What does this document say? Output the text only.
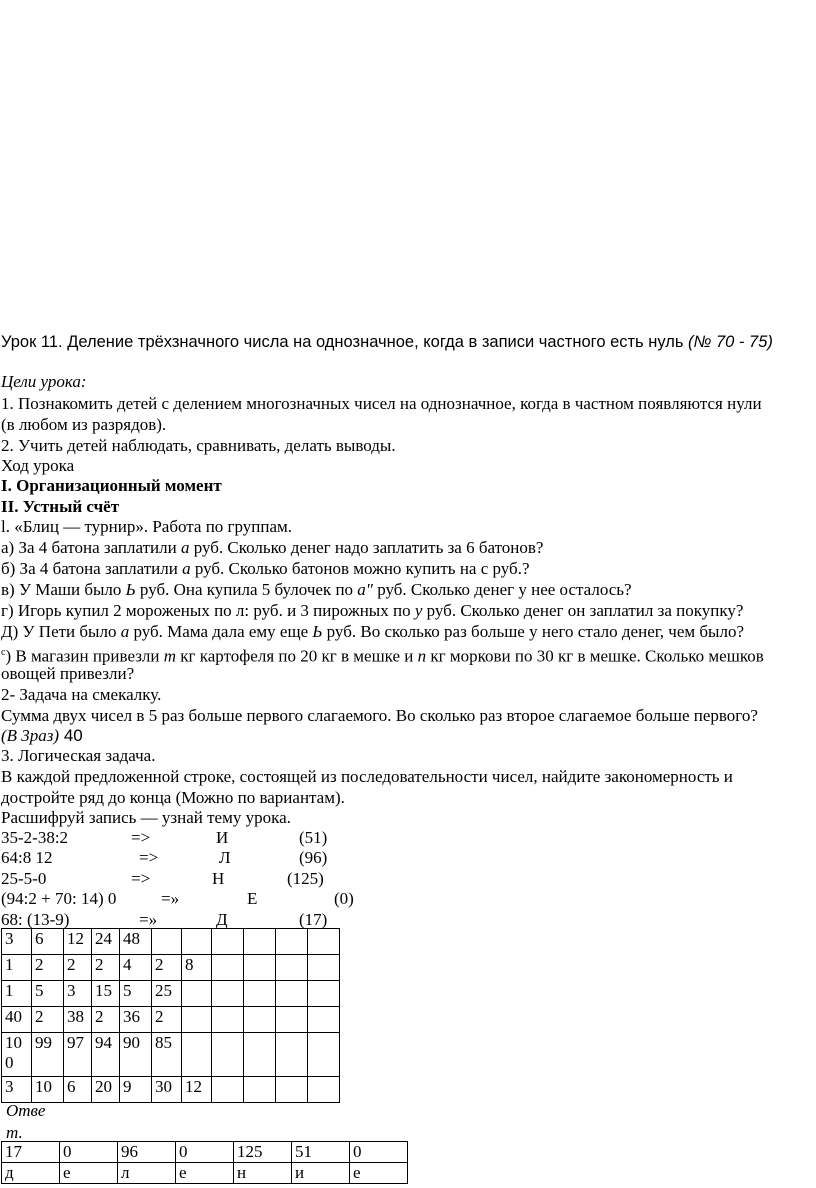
Урок 11. Деление трёхзначного числа на однозначное, когда в записи частного есть нуль (№ 70 - 75)
Цели урока:
1. Познакомить детей с делением многозначных чисел на однозначное, когда в частном появляются нули
(в любом из разрядов).
2. Учить детей наблюдать, сравнивать, делать выводы.
Ход урока
I. Организационный момент
II. Устный счёт
l. «Блиц — турнир». Работа по группам.
а) За 4 батона заплатили а руб. Сколько денег надо заплатить за 6 батонов?
б) За 4 батона заплатили а руб. Сколько батонов можно купить на с руб.?
в) У Маши было Ь руб. Она купила 5 булочек по а" руб. Сколько денег у нее осталось?
г) Игорь купил 2 мороженых по л: руб. и 3 пирожных по у руб. Сколько денег он заплатил за покупку?
Д) У Пети было а руб. Мама дала ему еще Ь руб. Во сколько раз больше у него стало денег, чем было?
$^с$) В магазин привезли т кг картофеля по 20 кг в мешке и п кг моркови по 30 кг в мешке. Сколько мешков
овощей привезли?
2- Задача на смекалку.
Сумма двух чисел в 5 раз больше первого слагаемого. Во сколько раз второе слагаемое больше первого?
(В 3раз) 40
3. Логическая задача.
В каждой предложенной строке, состоящей из последовательности чисел, найдите закономерность и
достройте ряд до конца (Можно по вариантам).
Расшифруй запись — узнай тему урока.
35-2-38:2	=>	И	(51)
64:8 12	=>	Л	(96)
25-5-0	=>	Н	(125)
(94:2 + 70: 14) 0	=»	Е	(0)
68: (13-9)	=»	Д	(17)
3	6	12	24	48						
1	2	2	2	4	2	8				
1	5	3	15	5	25					
40	2	38	2	36	2					
10 0	99	97	94	90	85					
3	10	6	20	9	30	12				
Отве т.
17	0	96	0	125	51	0
д	е	л	е	н	и	е
